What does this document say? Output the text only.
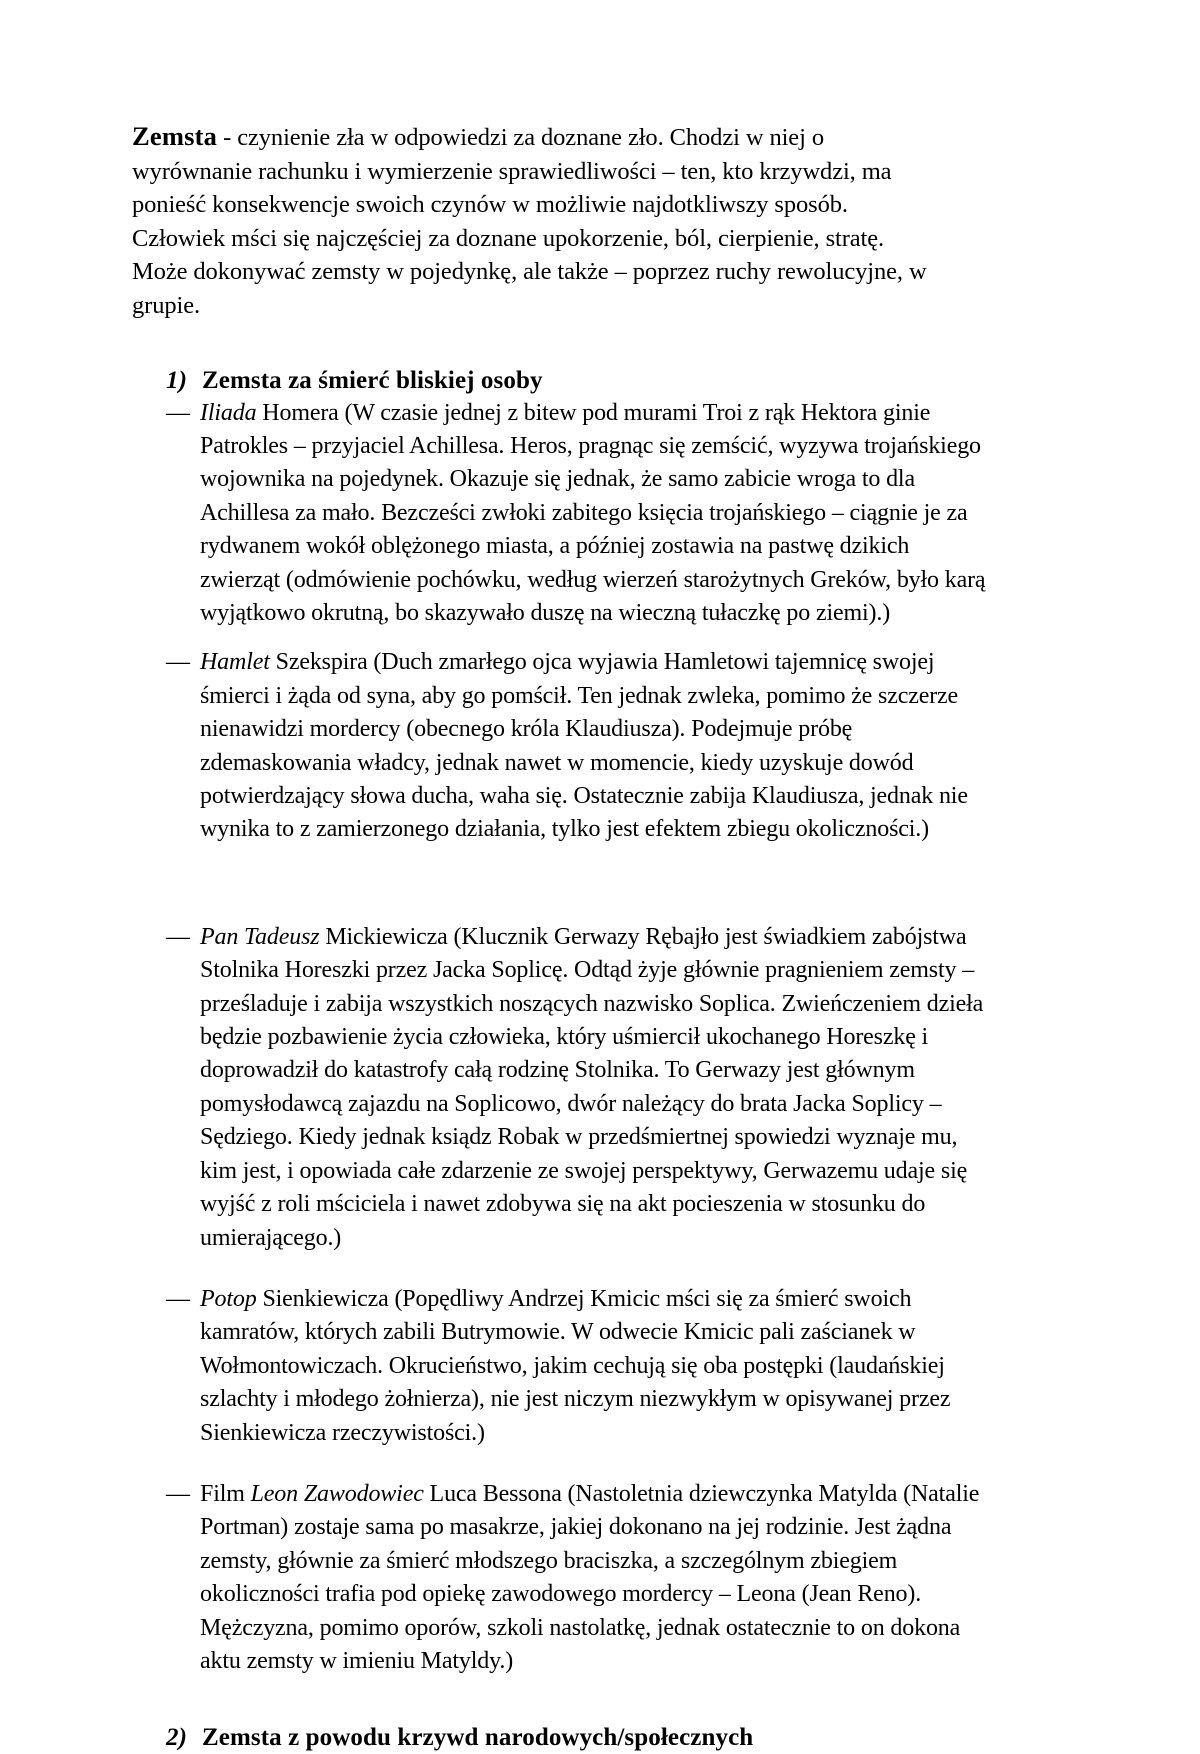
Zemsta - czynienie zła w odpowiedzi za doznane zło. Chodzi w niej o wyrównanie rachunku i wymierzenie sprawiedliwości – ten, kto krzywdzi, ma ponieść konsekwencje swoich czynów w możliwie najdotkliwszy sposób. Człowiek mści się najczęściej za doznane upokorzenie, ból, cierpienie, stratę. Może dokonywać zemsty w pojedynkę, ale także – poprzez ruchy rewolucyjne, w grupie.

1) Zemsta za śmierć bliskiej osoby
— Iliada Homera (W czasie jednej z bitew pod murami Troi z rąk Hektora ginie Patrokles – przyjaciel Achillesa. Heros, pragnąc się zemścić, wyzywa trojańskiego wojownika na pojedynek. Okazuje się jednak, że samo zabicie wroga to dla Achillesa za mało. Bezcześci zwłoki zabitego księcia trojańskiego – ciągnie je za rydwanem wokół oblężonego miasta, a później zostawia na pastwę dzikich zwierząt (odmówienie pochówku, według wierzeń starożytnych Greków, było karą wyjątkowo okrutną, bo skazywało duszę na wieczną tułaczkę po ziemi).)
— Hamlet Szekspira (Duch zmarłego ojca wyjawia Hamletowi tajemnicę swojej śmierci i żąda od syna, aby go pomścił. Ten jednak zwleka, pomimo że szczerze nienawidzi mordercy (obecnego króla Klaudiusza). Podejmuje próbę zdemaskowania władcy, jednak nawet w momencie, kiedy uzyskuje dowód potwierdzający słowa ducha, waha się. Ostatecznie zabija Klaudiusza, jednak nie wynika to z zamierzonego działania, tylko jest efektem zbiegu okoliczności.)
— Pan Tadeusz Mickiewicza (Klucznik Gerwazy Rębajło jest świadkiem zabójstwa Stolnika Horeszki przez Jacka Soplicę. Odtąd żyje głównie pragnieniem zemsty – prześladuje i zabija wszystkich noszących nazwisko Soplica. Zwieńczeniem dzieła będzie pozbawienie życia człowieka, który uśmiercił ukochanego Horeszkę i doprowadził do katastrofy całą rodzinę Stolnika. To Gerwazy jest głównym pomysłodawcą zajazdu na Soplicowo, dwór należący do brata Jacka Soplicy – Sędziego. Kiedy jednak ksiądz Robak w przedśmiertnej spowiedzi wyznaje mu, kim jest, i opowiada całe zdarzenie ze swojej perspektywy, Gerwazemu udaje się wyjść z roli mściciela i nawet zdobywa się na akt pocieszenia w stosunku do umierającego.)
— Potop Sienkiewicza (Popędliwy Andrzej Kmicic mści się za śmierć swoich kamratów, których zabili Butrymowie. W odwecie Kmicic pali zaścianek w Wołmontowiczach. Okrucieństwo, jakim cechują się oba postępki (laudańskiej szlachty i młodego żołnierza), nie jest niczym niezwykłym w opisywanej przez Sienkiewicza rzeczywistości.)
— Film Leon Zawodowiec Luca Bessona (Nastoletnia dziewczynka Matylda (Natalie Portman) zostaje sama po masakrze, jakiej dokonano na jej rodzinie. Jest żądna zemsty, głównie za śmierć młodszego braciszka, a szczególnym zbiegiem okoliczności trafia pod opiekę zawodowego mordercy – Leona (Jean Reno). Mężczyzna, pomimo oporów, szkoli nastolatkę, jednak ostatecznie to on dokona aktu zemsty w imieniu Matyldy.)
2) Zemsta z powodu krzywd narodowych/społecznych
